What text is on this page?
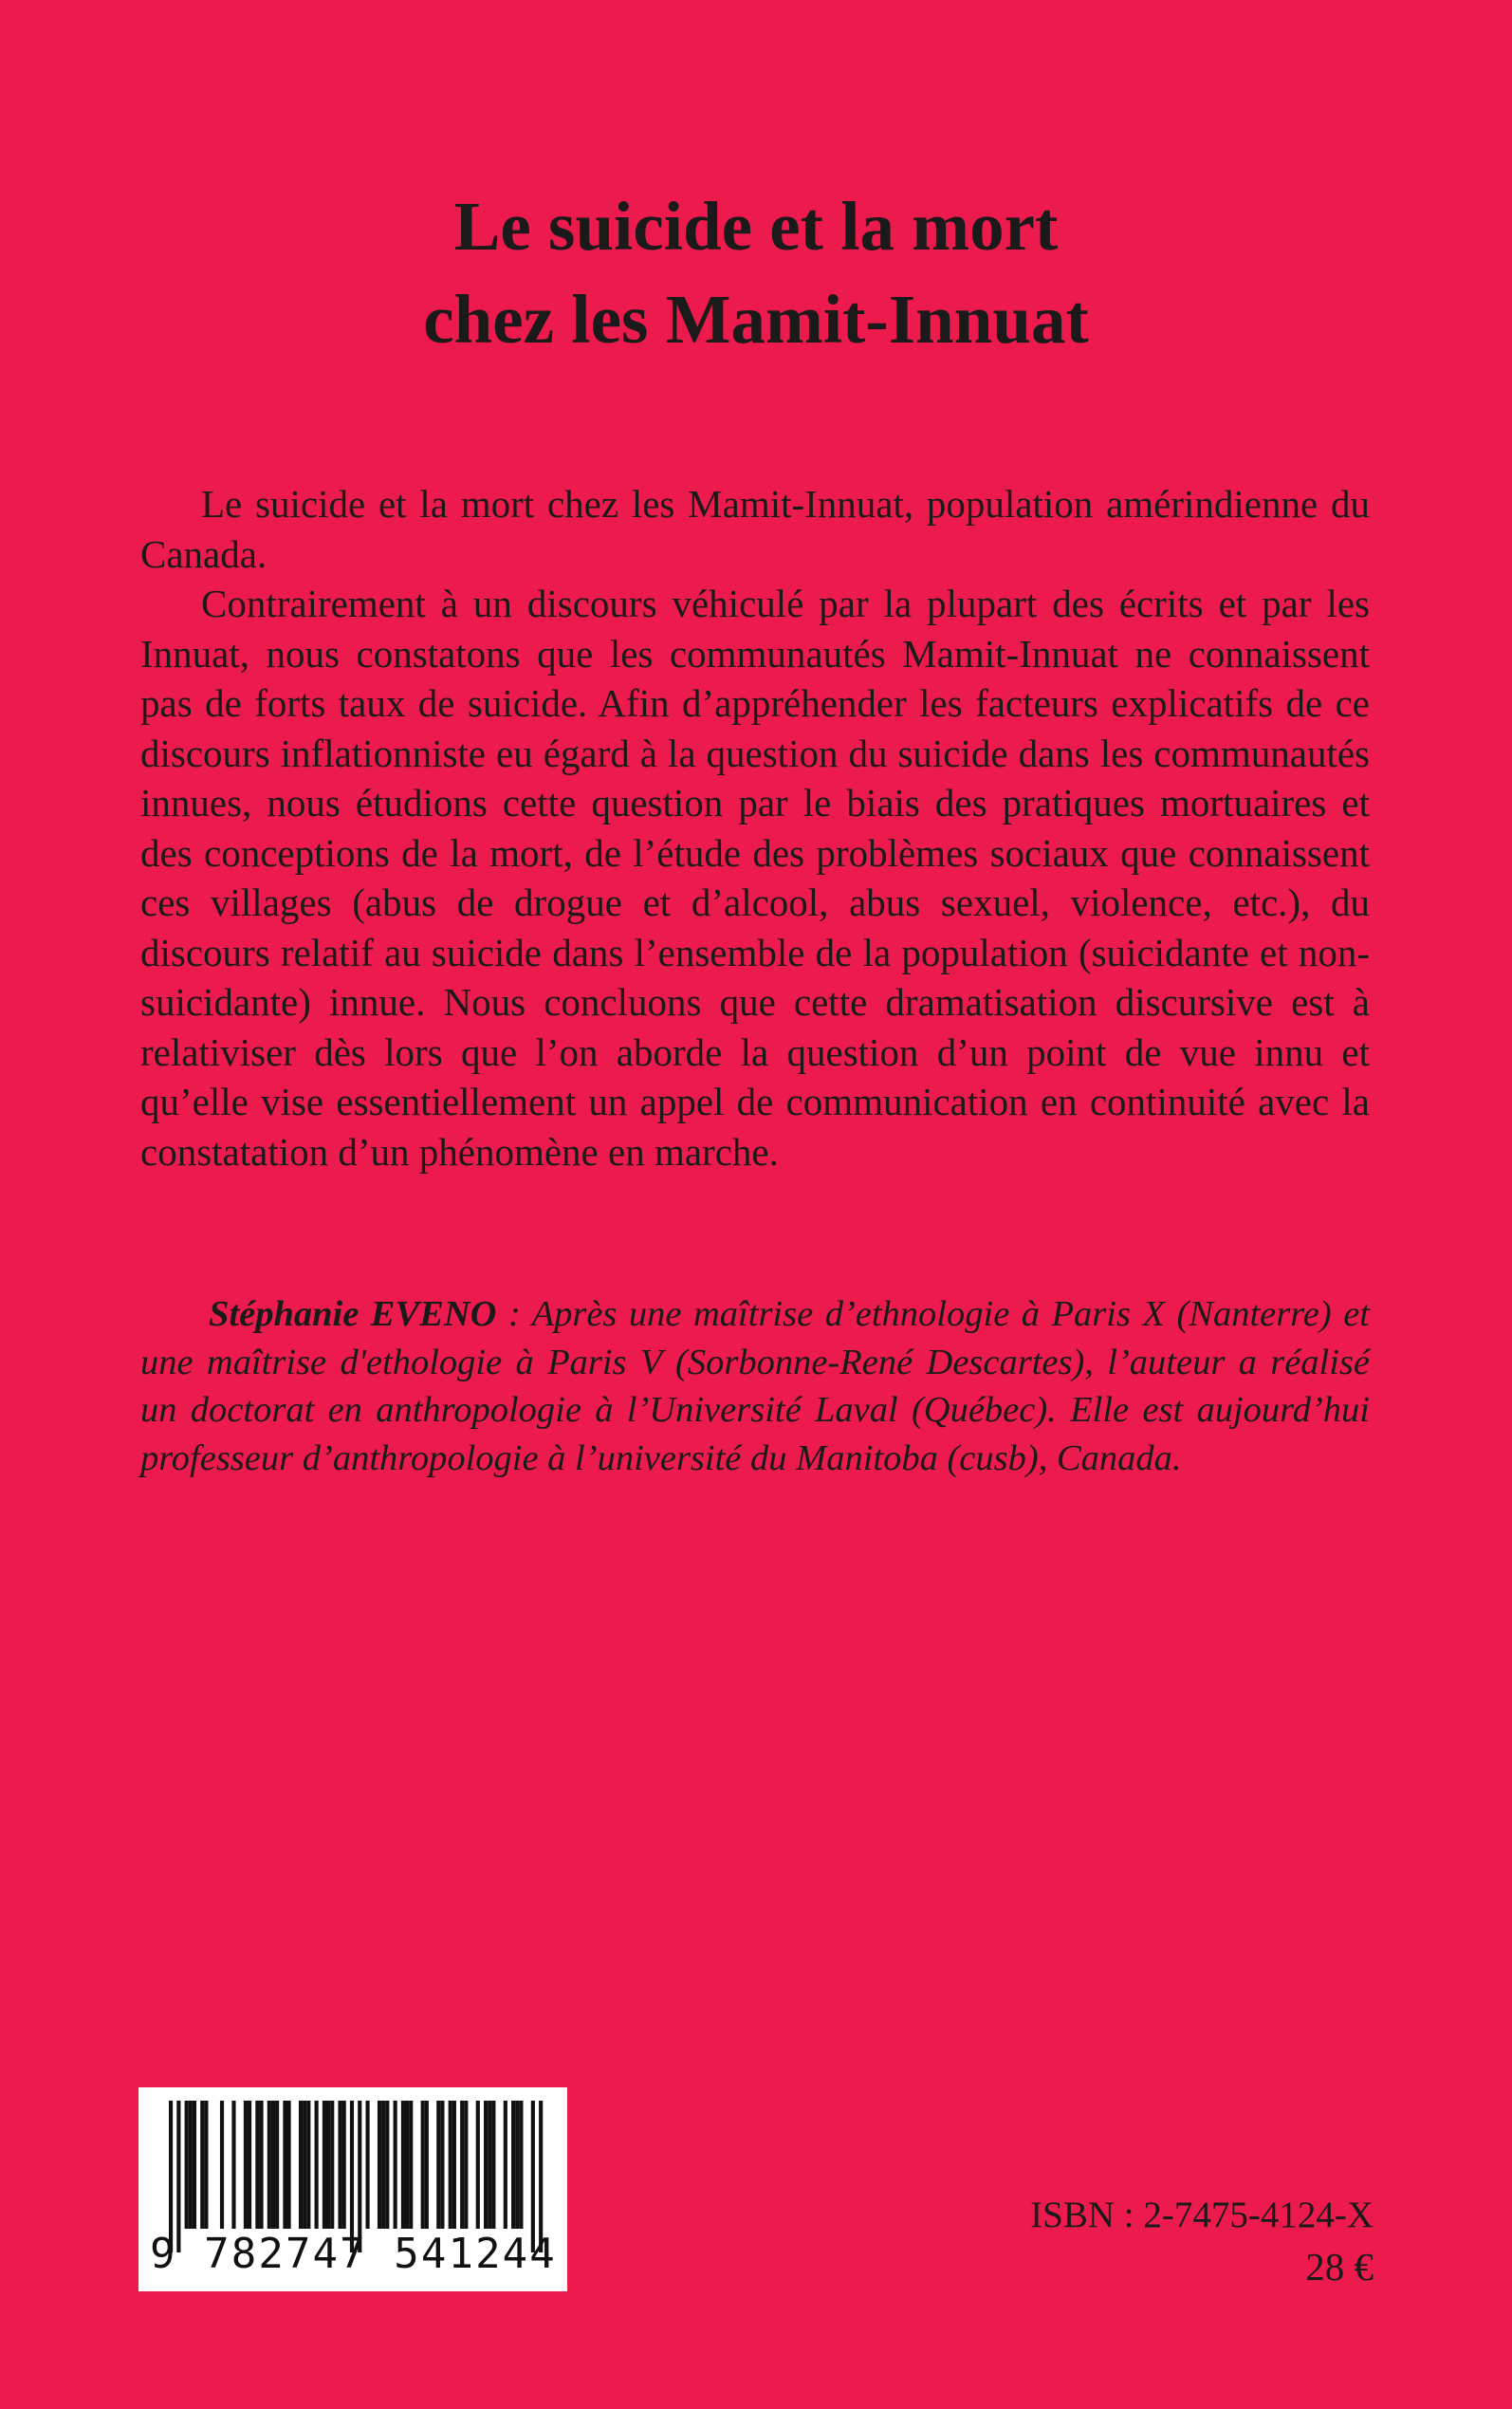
Le suicide et la mort
chez les Mamit-Innuat

Le suicide et la mort chez les Mamit-Innuat, population amérindienne du Canada.

Contrairement à un discours véhiculé par la plupart des écrits et par les Innuat, nous constatons que les communautés Mamit-Innuat ne connaissent pas de forts taux de suicide. Afin d’appréhender les facteurs explicatifs de ce discours inflationniste eu égard à la question du suicide dans les communautés innues, nous étudions cette question par le biais des pratiques mortuaires et des conceptions de la mort, de l’étude des problèmes sociaux que connaissent ces villages (abus de drogue et d’alcool, abus sexuel, violence, etc.), du discours relatif au suicide dans l’ensemble de la population (suicidante et non-suicidante) innue. Nous concluons que cette dramatisation discursive est à relativiser dès lors que l’on aborde la question d’un point de vue innu et qu’elle vise essentiellement un appel de communication en continuité avec la constatation d’un phénomène en marche.

Stéphanie EVENO : Après une maîtrise d’ethnologie à Paris X (Nanterre) et une maîtrise d'ethologie à Paris V (Sorbonne-René Descartes), l’auteur a réalisé un doctorat en anthropologie à l’Université Laval (Québec). Elle est aujourd’hui professeur d’anthropologie à l’université du Manitoba (cusb), Canada.

9 782747 541244
ISBN : 2-7475-4124-X
28 €
